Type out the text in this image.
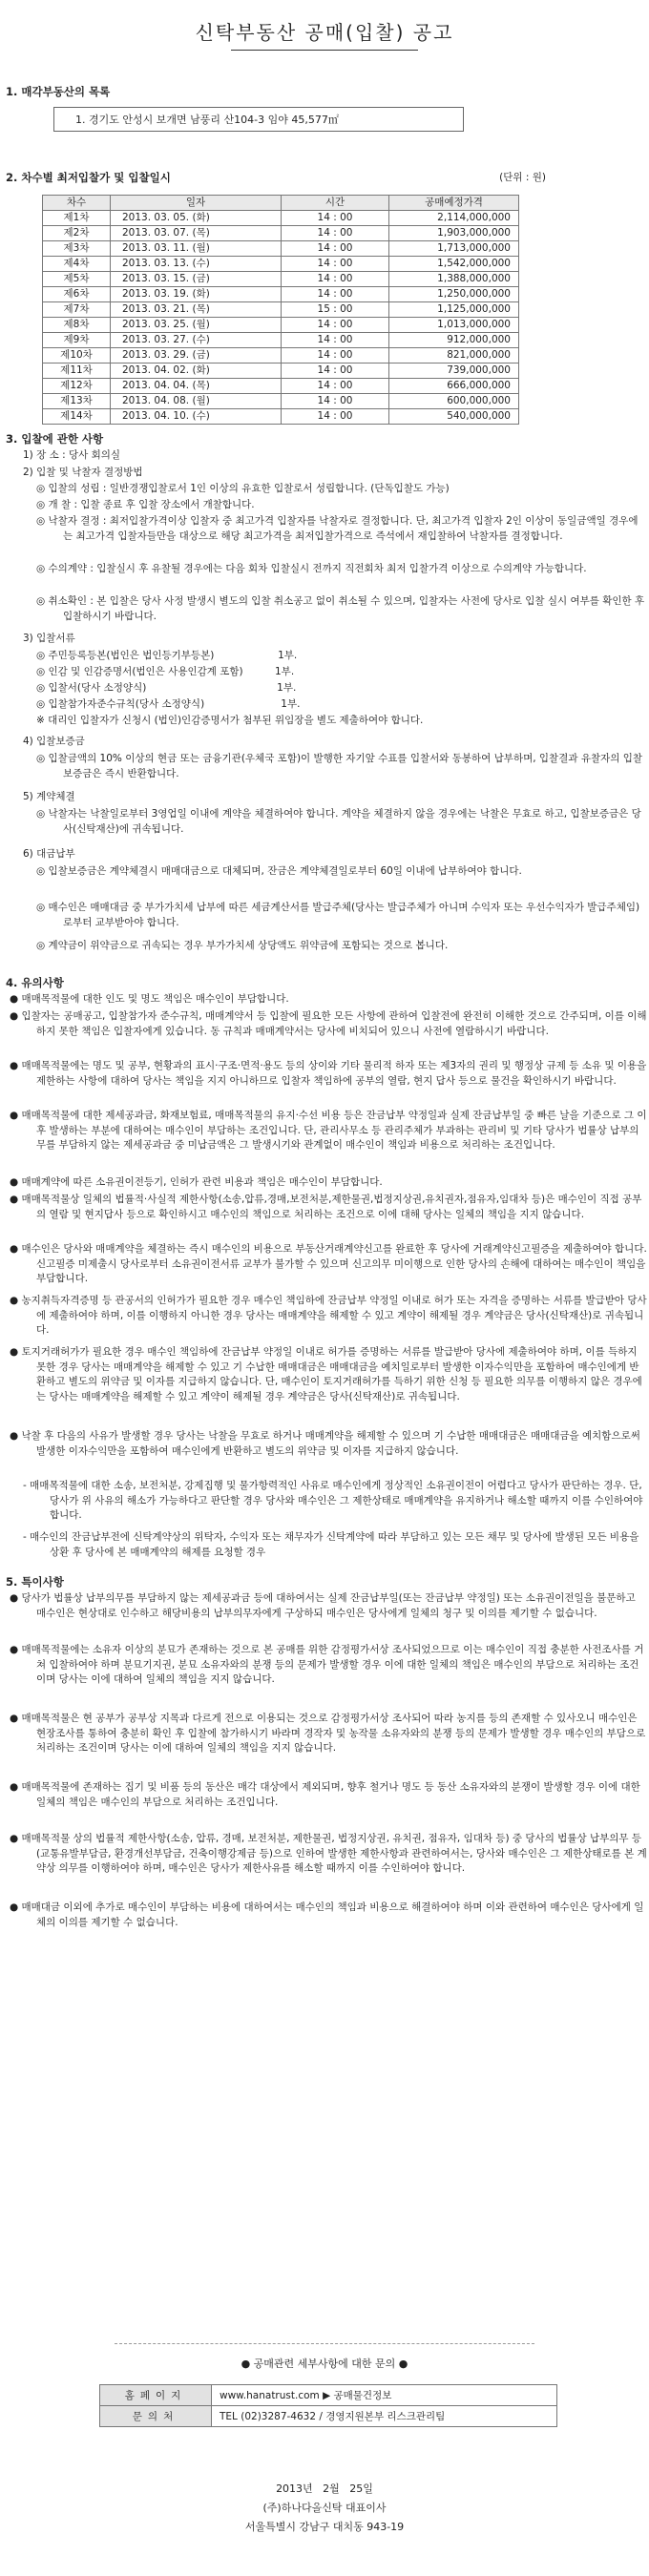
신탁부동산 공매(입찰) 공고
1. 매각부동산의 목록
1. 경기도 안성시 보개면 남풍리 산104-3 임야 45,577㎡
2. 차수별 최저입찰가 및 입찰일시	(단위 : 원)
차수	일자	시간	공매예정가격
제1차	2013. 03. 05. (화)	14 : 00	2,114,000,000
제2차	2013. 03. 07. (목)	14 : 00	1,903,000,000
제3차	2013. 03. 11. (월)	14 : 00	1,713,000,000
제4차	2013. 03. 13. (수)	14 : 00	1,542,000,000
제5차	2013. 03. 15. (금)	14 : 00	1,388,000,000
제6차	2013. 03. 19. (화)	14 : 00	1,250,000,000
제7차	2013. 03. 21. (목)	15 : 00	1,125,000,000
제8차	2013. 03. 25. (월)	14 : 00	1,013,000,000
제9차	2013. 03. 27. (수)	14 : 00	912,000,000
제10차	2013. 03. 29. (금)	14 : 00	821,000,000
제11차	2013. 04. 02. (화)	14 : 00	739,000,000
제12차	2013. 04. 04. (목)	14 : 00	666,000,000
제13차	2013. 04. 08. (월)	14 : 00	600,000,000
제14차	2013. 04. 10. (수)	14 : 00	540,000,000
3. 입찰에 관한 사항
1) 장 소 : 당사 회의실
2) 입찰 및 낙찰자 결정방법
◎ 입찰의 성립 : 일반경쟁입찰로서 1인 이상의 유효한 입찰로서 성립합니다. (단독입찰도 가능)
◎ 개 찰 : 입찰 종료 후 입찰 장소에서 개찰합니다.
◎ 낙찰자 결정 : 최저입찰가격이상 입찰자 중 최고가격 입찰자를 낙찰자로 결정합니다. 단, 최고가격 입찰자 2인 이상이 동일금액일 경우에는 최고가격 입찰자들만을 대상으로 해당 최고가격을 최저입찰가격으로 즉석에서 재입찰하여 낙찰자를 결정합니다.
◎ 수의계약 : 입찰실시 후 유찰될 경우에는 다음 회차 입찰실시 전까지 직전회차 최저 입찰가격 이상으로 수의계약 가능합니다.
◎ 취소확인 : 본 입찰은 당사 사정 발생시 별도의 입찰 취소공고 없이 취소될 수 있으며, 입찰자는 사전에 당사로 입찰 실시 여부를 확인한 후 입찰하시기 바랍니다.
3) 입찰서류
◎ 주민등록등본(법인은 법인등기부등본)                    1부.
◎ 인감 및 인감증명서(법인은 사용인감계 포함)          1부.
◎ 입찰서(당사 소정양식)                                         1부.
◎ 입찰참가자준수규칙(당사 소정양식)                        1부.
※ 대리인 입찰자가 신청시 (법인)인감증명서가 첨부된 위임장을 별도 제출하여야 합니다.
4) 입찰보증금
◎ 입찰금액의 10% 이상의 현금 또는 금융기관(우체국 포함)이 발행한 자기앞 수표를 입찰서와 동봉하여 납부하며, 입찰결과 유찰자의 입찰보증금은 즉시 반환합니다.
5) 계약체결
◎ 낙찰자는 낙찰일로부터 3영업일 이내에 계약을 체결하여야 합니다. 계약을 체결하지 않을 경우에는 낙찰은 무효로 하고, 입찰보증금은 당사(신탁재산)에 귀속됩니다.
6) 대금납부
◎ 입찰보증금은 계약체결시 매매대금으로 대체되며, 잔금은 계약체결일로부터 60일 이내에 납부하여야 합니다.
◎ 매수인은 매매대금 중 부가가치세 납부에 따른 세금계산서를 발급주체(당사는 발급주체가 아니며 수익자 또는 우선수익자가 발급주체임)로부터 교부받아야 합니다.
◎ 계약금이 위약금으로 귀속되는 경우 부가가치세 상당액도 위약금에 포함되는 것으로 봅니다.
4. 유의사항
● 매매목적물에 대한 인도 및 명도 책임은 매수인이 부담합니다.
● 입찰자는 공매공고, 입찰참가자 준수규칙, 매매계약서 등 입찰에 필요한 모든 사항에 관하여 입찰전에 완전히 이해한 것으로 간주되며, 이를 이해하지 못한 책임은 입찰자에게 있습니다. 동 규칙과 매매계약서는 당사에 비치되어 있으니 사전에 열람하시기 바랍니다.
● 매매목적물에는 명도 및 공부, 현황과의 표시·구조·면적·용도 등의 상이와 기타 물리적 하자 또는 제3자의 권리 및 행정상 규제 등 소유 및 이용을 제한하는 사항에 대하여 당사는 책임을 지지 아니하므로 입찰자 책임하에 공부의 열람, 현지 답사 등으로 물건을 확인하시기 바랍니다.
● 매매목적물에 대한 제세공과금, 화재보험료, 매매목적물의 유지·수선 비용 등은 잔금납부 약정일과 실제 잔금납부일 중 빠른 날을 기준으로 그 이후 발생하는 부분에 대하여는 매수인이 부담하는 조건입니다. 단, 관리사무소 등 관리주체가 부과하는 관리비 및 기타 당사가 법률상 납부의무를 부담하지 않는 제세공과금 중 미납금액은 그 발생시기와 관계없이 매수인이 책임과 비용으로 처리하는 조건입니다.
● 매매계약에 따른 소유권이전등기, 인허가 관련 비용과 책임은 매수인이 부담합니다.
● 매매목적물상 일체의 법률적·사실적 제한사항(소송,압류,경매,보전처분,제한물권,법정지상권,유치권자,점유자,임대차 등)은 매수인이 직접 공부의 열람 및 현지답사 등으로 확인하시고 매수인의 책임으로 처리하는 조건으로 이에 대해 당사는 일체의 책임을 지지 않습니다.
● 매수인은 당사와 매매계약을 체결하는 즉시 매수인의 비용으로 부동산거래계약신고를 완료한 후 당사에 거래계약신고필증을 제출하여야 합니다. 신고필증 미제출시 당사로부터 소유권이전서류 교부가 불가할 수 있으며 신고의무 미이행으로 인한 당사의 손해에 대하여는 매수인이 책임을 부담합니다.
● 농지취득자격증명 등 관공서의 인허가가 필요한 경우 매수인 책임하에 잔금납부 약정일 이내로 허가 또는 자격을 증명하는 서류를 발급받아 당사에 제출하여야 하며, 이를 이행하지 아니한 경우 당사는 매매계약을 해제할 수 있고 계약이 해제될 경우 계약금은 당사(신탁재산)로 귀속됩니다.
● 토지거래허가가 필요한 경우 매수인 책임하에 잔금납부 약정일 이내로 허가를 증명하는 서류를 발급받아 당사에 제출하여야 하며, 이를 득하지 못한 경우 당사는 매매계약을 해제할 수 있고 기 수납한 매매대금은 매매대금을 예치일로부터 발생한 이자수익만을 포함하여 매수인에게 반환하고 별도의 위약금 및 이자를 지급하지 않습니다. 단, 매수인이 토지거래허가를 득하기 위한 신청 등 필요한 의무를 이행하지 않은 경우에는 당사는 매매계약을 해제할 수 있고 계약이 해제될 경우 계약금은 당사(신탁재산)로 귀속됩니다.
● 낙찰 후 다음의 사유가 발생할 경우 당사는 낙찰을 무효로 하거나 매매계약을 해제할 수 있으며 기 수납한 매매대금은 매매대금을 예치함으로써 발생한 이자수익만을 포함하여 매수인에게 반환하고 별도의 위약금 및 이자를 지급하지 않습니다.
- 매매목적물에 대한 소송, 보전처분, 강제집행 및 물가항력적인 사유로 매수인에게 정상적인 소유권이전이 어렵다고 당사가 판단하는 경우. 단, 당사가 위 사유의 해소가 가능하다고 판단할 경우 당사와 매수인은 그 제한상태로 매매계약을 유지하거나 해소할 때까지 이를 수인하여야 합니다.
- 매수인의 잔금납부전에 신탁계약상의 위탁자, 수익자 또는 채무자가 신탁계약에 따라 부담하고 있는 모든 채무 및 당사에 발생된 모든 비용을 상환 후 당사에 본 매매계약의 해제를 요청할 경우
5. 특이사항
● 당사가 법률상 납부의무를 부담하지 않는 제세공과금 등에 대하여서는 실제 잔금납부일(또는 잔금납부 약정일) 또는 소유권이전일을 불문하고 매수인은 현상대로 인수하고 해당비용의 납부의무자에게 구상하되 매수인은 당사에게 일체의 청구 및 이의를 제기할 수 없습니다.
● 매매목적물에는 소유자 이상의 분묘가 존재하는 것으로 본 공매를 위한 감정평가서상 조사되었으므로 이는 매수인이 직접 충분한 사전조사를 거쳐 입찰하여야 하며 분묘기지권, 분묘 소유자와의 분쟁 등의 문제가 발생할 경우 이에 대한 일체의 책임은 매수인의 부담으로 처리하는 조건이며 당사는 이에 대하여 일체의 책임을 지지 않습니다.
● 매매목적물은 현 공부가 공부상 지목과 다르게 전으로 이용되는 것으로 감정평가서상 조사되어 따라 농지를 등의 존재할 수 있사오니 매수인은 현장조사를 통하여 충분히 확인 후 입찰에 참가하시기 바라며 경작자 및 농작물 소유자와의 분쟁 등의 문제가 발생할 경우 매수인의 부담으로 처리하는 조건이며 당사는 이에 대하여 일체의 책임을 지지 않습니다.
● 매매목적물에 존재하는 집기 및 비품 등의 동산은 매각 대상에서 제외되며, 향후 철거나 명도 등 동산 소유자와의 분쟁이 발생할 경우 이에 대한 일체의 책임은 매수인의 부담으로 처리하는 조건입니다.
● 매매목적물 상의 법률적 제한사항(소송, 압류, 경매, 보전처분, 제한물권, 법정지상권, 유치권, 점유자, 임대차 등) 중 당사의 법률상 납부의무 등(교통유발부담금, 환경개선부담금, 건축이행강제금 등)으로 인하여 발생한 제한사항과 관련하여서는, 당사와 매수인은 그 제한상태로를 본 계약상 의무를 이행하여야 하며, 매수인은 당사가 제한사유를 해소할 때까지 이를 수인하여야 합니다.
● 매매대금 이외에 추가로 매수인이 부담하는 비용에 대하여서는 매수인의 책임과 비용으로 해결하여야 하며 이와 관련하여 매수인은 당사에게 일체의 이의를 제기할 수 없습니다.
● 공매관련 세부사항에 대한 문의 ●
홈페이지	www.hanatrust.com ▶ 공매물건정보
문의처	TEL (02)3287-4632 / 경영지원본부 리스크관리팀
2013년   2월   25일
(주)하나다올신탁 대표이사
서울특별시 강남구 대치동 943-19
